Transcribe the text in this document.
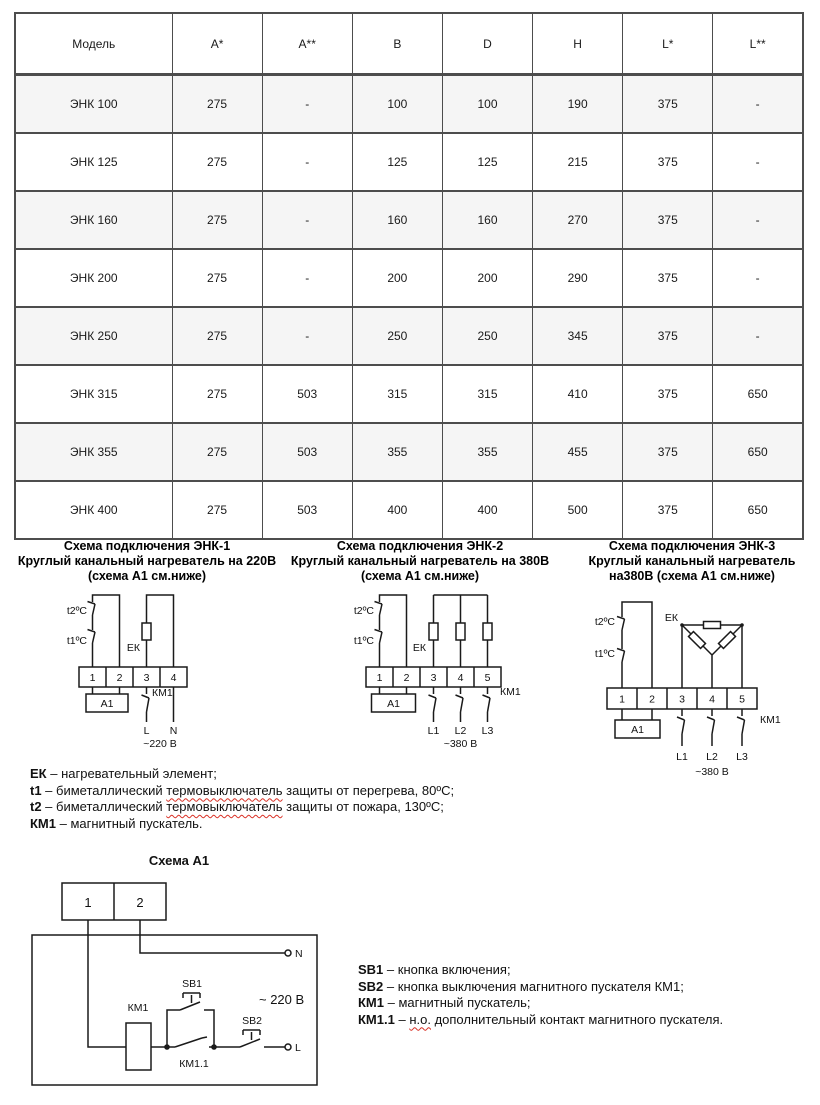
Модель	A*	A**	B	D	H	L*	L**
ЭНК 100	275	-	100	100	190	375	-
ЭНК 125	275	-	125	125	215	375	-
ЭНК 160	275	-	160	160	270	375	-
ЭНК 200	275	-	200	200	290	375	-
ЭНК 250	275	-	250	250	345	375	-
ЭНК 315	275	503	315	315	410	375	650
ЭНК 355	275	503	355	355	455	375	650
ЭНК 400	275	503	400	400	500	375	650
Схема подключения ЭНК-1
Круглый канальный нагреватель на 220В
(схема А1 см.ниже)
Схема подключения ЭНК-2
Круглый канальный нагреватель на 380В
(схема А1 см.ниже)
Схема подключения ЭНК-3
Круглый канальный нагреватель
на380В (схема А1 см.ниже)
1 2 3 4
А1
t2ºС
t1ºС
ЕК
КМ1
L N
~220 В
1 2 3 4 5
А1
t2ºС
t1ºС
ЕК
КМ1
L1 L2 L3
~380 В
1 2 3 4 5
А1
t2ºС
t1ºС
ЕК
КМ1
L1 L2 L3
~380 В
ЕК – нагревательный элемент;
t1 – биметаллический термовыключатель защиты от перегрева, 80ºС;
t2 – биметаллический термовыключатель защиты от пожара, 130ºС;
КМ1 – магнитный пускатель.
Схема А1
1	2
N
L
КМ1
SB1
SB2
КМ1.1
~ 220 В
SB1 – кнопка включения;
SB2 – кнопка выключения магнитного пускателя КМ1;
КМ1 – магнитный пускатель;
КМ1.1 – н.о. дополнительный контакт магнитного пускателя.
